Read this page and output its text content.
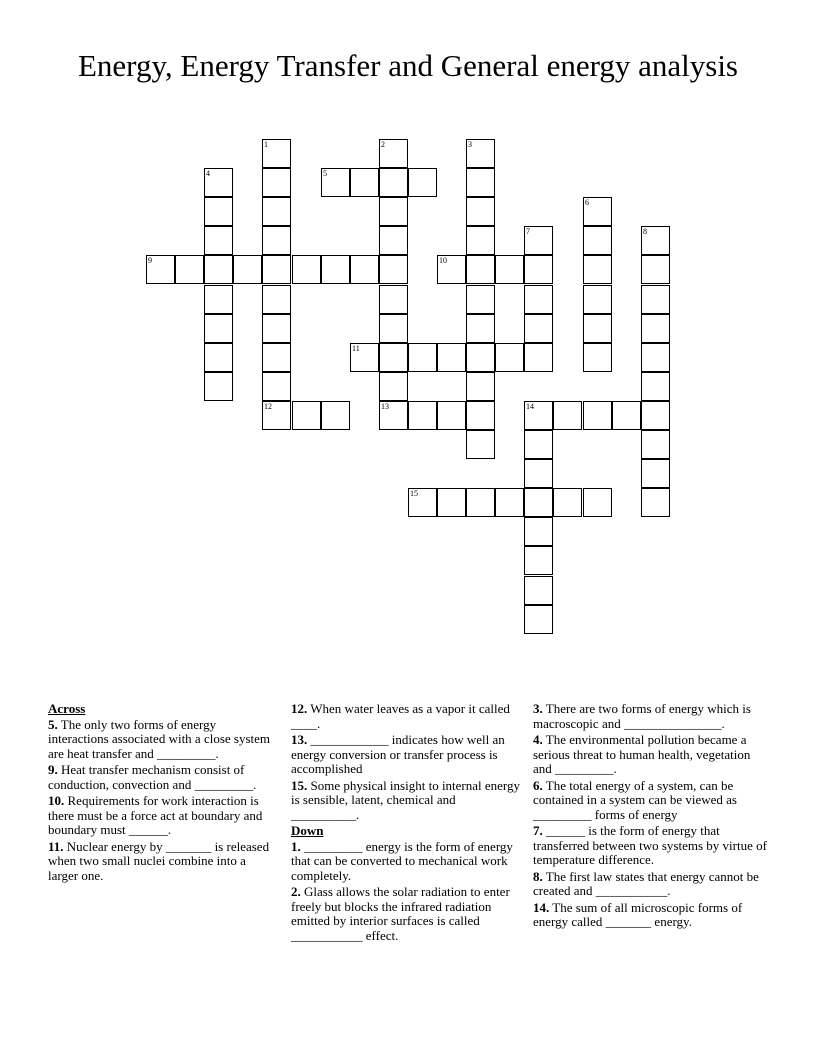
Energy, Energy Transfer and General energy analysis
1
12
2
13
3
4	5
6
7	8
9	10
11
14
15
Across
5. The only two forms of energy interactions associated with a close system are heat transfer and _________.
9. Heat transfer mechanism consist of conduction, convection and _________.
10. Requirements for work interaction is there must be a force act at boundary and boundary must ______.
11. Nuclear energy by _______ is released when two small nuclei combine into a larger one.
12. When water leaves as a vapor it called ____.
13. ____________ indicates how well an energy conversion or transfer process is accomplished
15. Some physical insight to internal energy is sensible, latent, chemical and __________.
Down
1. _________ energy is the form of energy that can be converted to mechanical work completely.
2. Glass allows the solar radiation to enter freely but blocks the infrared radiation emitted by interior surfaces is called ___________ effect.
3. There are two forms of energy which is macroscopic and _______________.
4. The environmental pollution became a serious threat to human health, vegetation and _________.
6. The total energy of a system, can be contained in a system can be viewed as _________ forms of energy
7. ______ is the form of energy that transferred between two systems by virtue of temperature difference.
8. The first law states that energy cannot be created and ___________.
14. The sum of all microscopic forms of energy called _______ energy.
